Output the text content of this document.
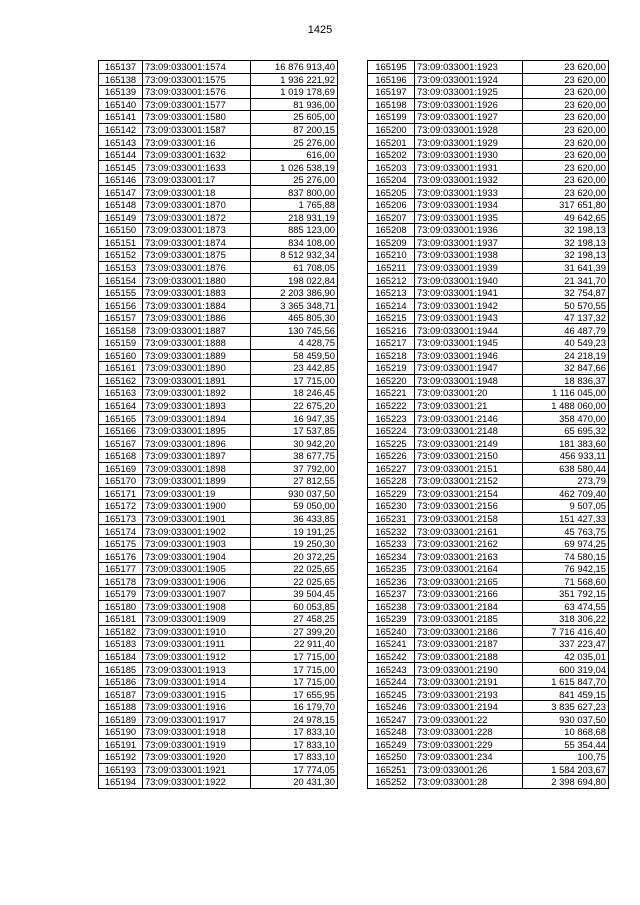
1425
165137	73:09:033001:1574	16 876 913,40
165138	73:09:033001:1575	1 936 221,92
165139	73:09:033001:1576	1 019 178,69
165140	73:09:033001:1577	81 936,00
165141	73:09:033001:1580	25 605,00
165142	73:09:033001:1587	87 200,15
165143	73:09:033001:16	25 276,00
165144	73:09:033001:1632	616,00
165145	73:09:033001:1633	1 026 538,19
165146	73:09:033001:17	25 276,00
165147	73:09:033001:18	837 800,00
165148	73:09:033001:1870	1 765,88
165149	73:09:033001:1872	218 931,19
165150	73:09:033001:1873	885 123,00
165151	73:09:033001:1874	834 108,00
165152	73:09:033001:1875	8 512 932,34
165153	73:09:033001:1876	61 708,05
165154	73:09:033001:1880	198 022,84
165155	73:09:033001:1883	2 203 386,90
165156	73:09:033001:1884	3 365 348,71
165157	73:09:033001:1886	465 805,30
165158	73:09:033001:1887	130 745,56
165159	73:09:033001:1888	4 428,75
165160	73:09:033001:1889	58 459,50
165161	73:09:033001:1890	23 442,85
165162	73:09:033001:1891	17 715,00
165163	73:09:033001:1892	18 246,45
165164	73:09:033001:1893	22 675,20
165165	73:09:033001:1894	16 947,35
165166	73:09:033001:1895	17 537,85
165167	73:09:033001:1896	30 942,20
165168	73:09:033001:1897	38 677,75
165169	73:09:033001:1898	37 792,00
165170	73:09:033001:1899	27 812,55
165171	73:09:033001:19	930 037,50
165172	73:09:033001:1900	59 050,00
165173	73:09:033001:1901	36 433,85
165174	73:09:033001:1902	19 191,25
165175	73:09:033001:1903	19 250,30
165176	73:09:033001:1904	20 372,25
165177	73:09:033001:1905	22 025,65
165178	73:09:033001:1906	22 025,65
165179	73:09:033001:1907	39 504,45
165180	73:09:033001:1908	60 053,85
165181	73:09:033001:1909	27 458,25
165182	73:09:033001:1910	27 399,20
165183	73:09:033001:1911	22 911,40
165184	73:09:033001:1912	17 715,00
165185	73:09:033001:1913	17 715,00
165186	73:09:033001:1914	17 715,00
165187	73:09:033001:1915	17 655,95
165188	73:09:033001:1916	16 179,70
165189	73:09:033001:1917	24 978,15
165190	73:09:033001:1918	17 833,10
165191	73:09:033001:1919	17 833,10
165192	73:09:033001:1920	17 833,10
165193	73:09:033001:1921	17 774,05
165194	73:09:033001:1922	20 431,30
165195	73:09:033001:1923	23 620,00
165196	73:09:033001:1924	23 620,00
165197	73:09:033001:1925	23 620,00
165198	73:09:033001:1926	23 620,00
165199	73:09:033001:1927	23 620,00
165200	73:09:033001:1928	23 620,00
165201	73:09:033001:1929	23 620,00
165202	73:09:033001:1930	23 620,00
165203	73:09:033001:1931	23 620,00
165204	73:09:033001:1932	23 620,00
165205	73:09:033001:1933	23 620,00
165206	73:09:033001:1934	317 651,80
165207	73:09:033001:1935	49 642,65
165208	73:09:033001:1936	32 198,13
165209	73:09:033001:1937	32 198,13
165210	73:09:033001:1938	32 198,13
165211	73:09:033001:1939	31 641,39
165212	73:09:033001:1940	21 341,70
165213	73:09:033001:1941	32 754,87
165214	73:09:033001:1942	50 570,55
165215	73:09:033001:1943	47 137,32
165216	73:09:033001:1944	46 487,79
165217	73:09:033001:1945	40 549,23
165218	73:09:033001:1946	24 218,19
165219	73:09:033001:1947	32 847,66
165220	73:09:033001:1948	18 836,37
165221	73:09:033001:20	1 116 045,00
165222	73:09:033001:21	1 488 060,00
165223	73:09:033001:2146	358 470,00
165224	73:09:033001:2148	65 695,32
165225	73:09:033001:2149	181 383,60
165226	73:09:033001:2150	456 933,11
165227	73:09:033001:2151	638 580,44
165228	73:09:033001:2152	273,79
165229	73:09:033001:2154	462 709,40
165230	73:09:033001:2156	9 507,05
165231	73:09:033001:2158	151 427,33
165232	73:09:033001:2161	45 763,75
165233	73:09:033001:2162	69 974,25
165234	73:09:033001:2163	74 580,15
165235	73:09:033001:2164	76 942,15
165236	73:09:033001:2165	71 568,60
165237	73:09:033001:2166	351 792,15
165238	73:09:033001:2184	63 474,55
165239	73:09:033001:2185	318 306,22
165240	73:09:033001:2186	7 716 416,40
165241	73:09:033001:2187	337 223,47
165242	73:09:033001:2188	42 035,01
165243	73:09:033001:2190	600 319,04
165244	73:09:033001:2191	1 615 847,70
165245	73:09:033001:2193	841 459,15
165246	73:09:033001:2194	3 835 627,23
165247	73:09:033001:22	930 037,50
165248	73:09:033001:228	10 868,68
165249	73:09:033001:229	55 354,44
165250	73:09:033001:234	100,75
165251	73:09:033001:26	1 584 203,67
165252	73:09:033001:28	2 398 694,80
